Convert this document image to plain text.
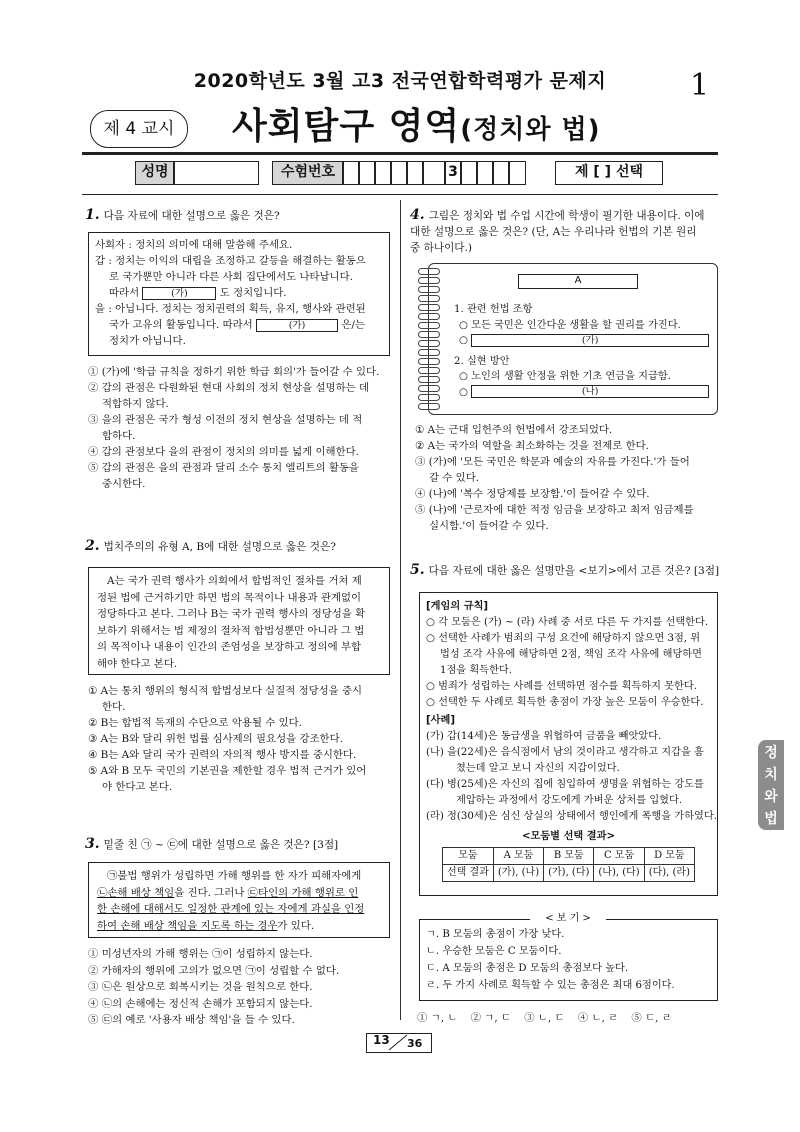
2020학년도 3월 고3 전국연합학력평가 문제지	1
제 4 교시	사회탐구 영역(정치와 법)
성명	수험번호	3	제 [ ] 선택
1. 다음 자료에 대한 설명으로 옳은 것은?
사회자 : 정치의 의미에 대해 말씀해 주세요.
갑 : 정치는 이익의 대립을 조정하고 갈등을 해결하는 활동으
로 국가뿐만 아니라 다른 사회 집단에서도 나타납니다.
따라서	(가)	도 정치입니다.
을 : 아닙니다. 정치는 정치권력의 획득, 유지, 행사와 관련된
국가 고유의 활동입니다. 따라서	(가)	은/는
정치가 아닙니다.
① (가)에 '학급 규칙을 정하기 위한 학급 회의'가 들어갈 수 있다.
② 갑의 관점은 다원화된 현대 사회의 정치 현상을 설명하는 데
적합하지 않다.
③ 을의 관점은 국가 형성 이전의 정치 현상을 설명하는 데 적
합하다.
④ 갑의 관점보다 을의 관점이 정치의 의미를 넓게 이해한다.
⑤ 갑의 관점은 을의 관점과 달리 소수 통치 엘리트의 활동을
중시한다.
2. 법치주의의 유형 A, B에 대한 설명으로 옳은 것은?
A는 국가 권력 행사가 의회에서 합법적인 절차를 거쳐 제
정된 법에 근거하기만 하면 법의 목적이나 내용과 관계없이
정당하다고 본다. 그러나 B는 국가 권력 행사의 정당성을 확
보하기 위해서는 법 제정의 절차적 합법성뿐만 아니라 그 법
의 목적이나 내용이 인간의 존엄성을 보장하고 정의에 부합
해야 한다고 본다.
① A는 통치 행위의 형식적 합법성보다 실질적 정당성을 중시
한다.
② B는 합법적 독재의 수단으로 악용될 수 있다.
③ A는 B와 달리 위헌 법률 심사제의 필요성을 강조한다.
④ B는 A와 달리 국가 권력의 자의적 행사 방지를 중시한다.
⑤ A와 B 모두 국민의 기본권을 제한할 경우 법적 근거가 있어
야 한다고 본다.
3. 밑줄 친 ㉠ ~ ㉢에 대한 설명으로 옳은 것은? [3점]
㉠불법 행위가 성립하면 가해 행위를 한 자가 피해자에게
㉡손해 배상 책임을 진다. 그러나 ㉢타인의 가해 행위로 인
한 손해에 대해서도 일정한 관계에 있는 자에게 과실을 인정
하여 손해 배상 책임을 지도록 하는 경우가 있다.
① 미성년자의 가해 행위는 ㉠이 성립하지 않는다.
② 가해자의 행위에 고의가 없으면 ㉠이 성립할 수 없다.
③ ㉡은 원상으로 회복시키는 것을 원칙으로 한다.
④ ㉡의 손해에는 정신적 손해가 포함되지 않는다.
⑤ ㉢의 예로 '사용자 배상 책임'을 들 수 있다.
4. 그림은 정치와 법 수업 시간에 학생이 필기한 내용이다. 이에
대한 설명으로 옳은 것은? (단, A는 우리나라 헌법의 기본 원리
중 하나이다.)
A
1. 관련 헌법 조항
○ 모든 국민은 인간다운 생활을 할 권리를 가진다.
○	(가)
2. 실현 방안
○ 노인의 생활 안정을 위한 기초 연금을 지급함.
○	(나)
① A는 근대 입헌주의 헌법에서 강조되었다.
② A는 국가의 역할을 최소화하는 것을 전제로 한다.
③ (가)에 '모든 국민은 학문과 예술의 자유를 가진다.'가 들어
갈 수 있다.
④ (나)에 '복수 정당제를 보장함.'이 들어갈 수 있다.
⑤ (나)에 '근로자에 대한 적정 임금을 보장하고 최저 임금제를
실시함.'이 들어갈 수 있다.
5. 다음 자료에 대한 옳은 설명만을 <보기>에서 고른 것은? [3점]
[게임의 규칙]
○ 각 모둠은 (가) ~ (라) 사례 중 서로 다른 두 가지를 선택한다.
○ 선택한 사례가 범죄의 구성 요건에 해당하지 않으면 3점, 위
법성 조각 사유에 해당하면 2점, 책임 조각 사유에 해당하면
1점을 획득한다.
○ 범죄가 성립하는 사례를 선택하면 점수를 획득하지 못한다.
○ 선택한 두 사례로 획득한 총점이 가장 높은 모둠이 우승한다.
[사례]
(가) 갑(14세)은 동급생을 위협하여 금품을 빼앗았다.
(나) 을(22세)은 음식점에서 남의 것이라고 생각하고 지갑을 훔
쳤는데 알고 보니 자신의 지갑이었다.
(다) 병(25세)은 자신의 집에 침입하여 생명을 위협하는 강도를
제압하는 과정에서 강도에게 가벼운 상처를 입혔다.
(라) 정(30세)은 심신 상실의 상태에서 행인에게 폭행을 가하였다.
<모둠별 선택 결과>
모둠	A 모둠	B 모둠	C 모둠	D 모둠
선택 결과	(가), (나)	(가), (다)	(나), (다)	(다), (라)
ㄱ. B 모둠의 총점이 가장 낮다.
ㄴ. 우승한 모둠은 C 모둠이다.
ㄷ. A 모둠의 총점은 D 모둠의 총점보다 높다.
ㄹ. 두 가지 사례로 획득할 수 있는 총점은 최대 6점이다.
< 보 기 >
① ㄱ, ㄴ ② ㄱ, ㄷ ③ ㄴ, ㄷ ④ ㄴ, ㄹ ⑤ ㄷ, ㄹ
정
치
와
법
13 36
